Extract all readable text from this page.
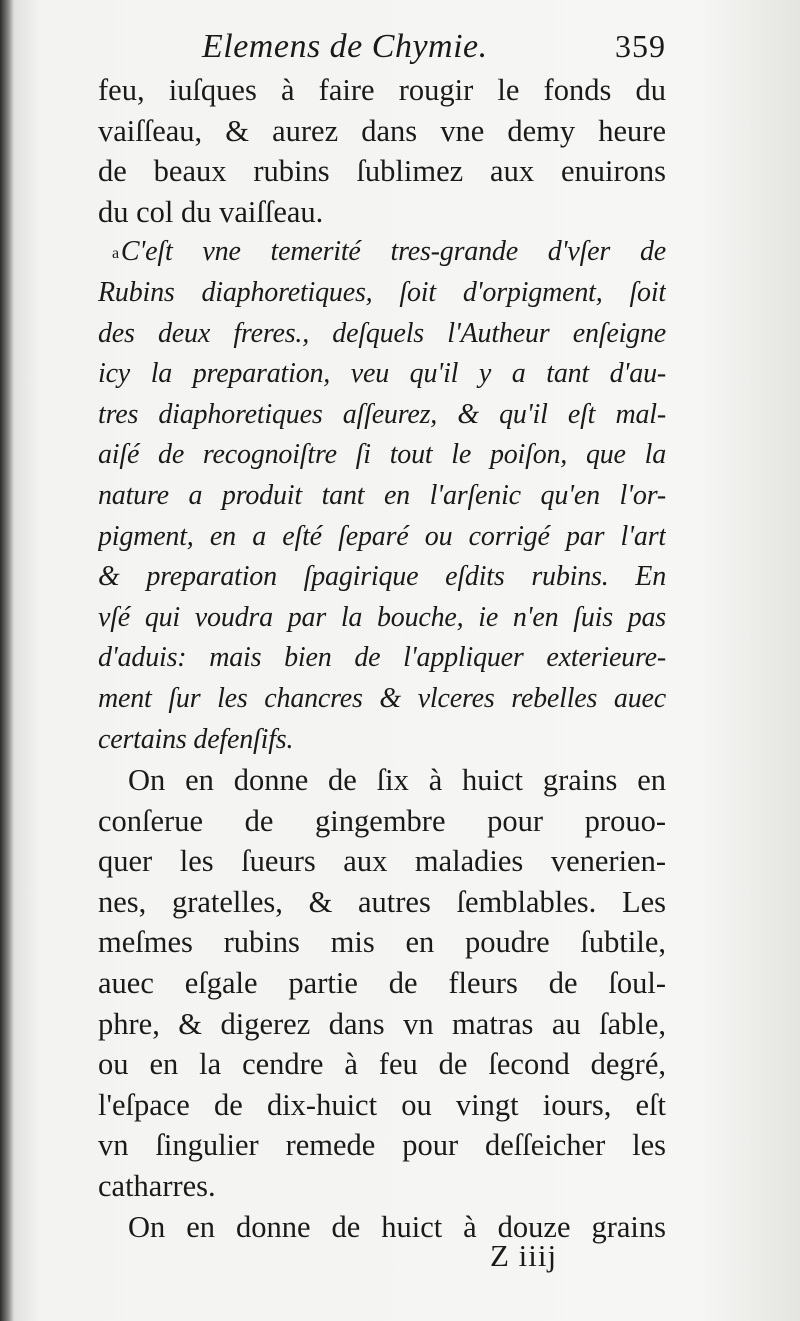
Elemens de Chymie.	359
feu, iuſques à faire rougir le fonds du
vaiſſeau, & aurez dans vne demy heure
de beaux rubins ſublimez aux enuirons
du col du vaiſſeau.
aC'eſt vne temerité tres-grande d'vſer de
Rubins diaphoretiques, ſoit d'orpigment, ſoit
des deux freres., deſquels l'Autheur enſeigne
icy la preparation, veu qu'il y a tant d'au-
tres diaphoretiques aſſeurez, & qu'il eſt mal-
aiſé de recognoiſtre ſi tout le poiſon, que la
nature a produit tant en l'arſenic qu'en l'or-
pigment, en a eſté ſeparé ou corrigé par l'art
& preparation ſpagirique eſdits rubins. En
vſé qui voudra par la bouche, ie n'en ſuis pas
d'aduis: mais bien de l'appliquer exterieure-
ment ſur les chancres & vlceres rebelles auec
certains defenſifs.
On en donne de ſix à huict grains en
conſerue de gingembre pour prouo-
quer les ſueurs aux maladies venerien-
nes, gratelles, & autres ſemblables. Les
meſmes rubins mis en poudre ſubtile,
auec eſgale partie de fleurs de ſoul-
phre, & digerez dans vn matras au ſable,
ou en la cendre à feu de ſecond degré,
l'eſpace de dix-huict ou vingt iours, eſt
vn ſingulier remede pour deſſeicher les
catharres.
On en donne de huict à douze grains
Z iiij
